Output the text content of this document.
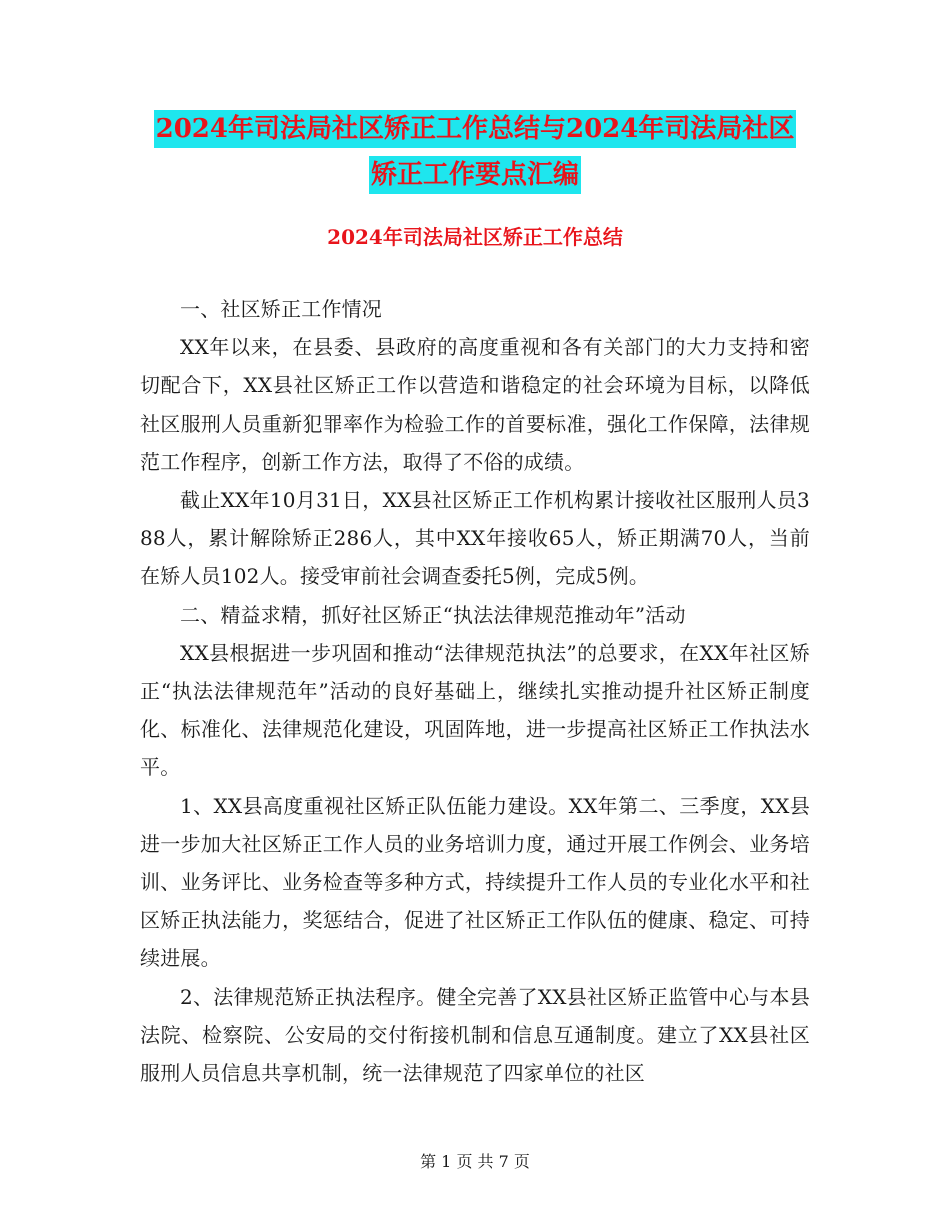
2024年司法局社区矫正工作总结与2024年司法局社区
矫正工作要点汇编

2024年司法局社区矫正工作总结

一、社区矫正工作情况

XX年以来，在县委、县政府的高度重视和各有关部门的大力支持和密切配合下，XX县社区矫正工作以营造和谐稳定的社会环境为目标，以降低社区服刑人员重新犯罪率作为检验工作的首要标准，强化工作保障，法律规范工作程序，创新工作方法，取得了不俗的成绩。

截止XX年10月31日，XX县社区矫正工作机构累计接收社区服刑人员388人，累计解除矫正286人，其中XX年接收65人，矫正期满70人，当前在矫人员102人。接受审前社会调查委托5例，完成5例。

二、精益求精，抓好社区矫正“执法法律规范推动年”活动

XX县根据进一步巩固和推动“法律规范执法”的总要求，在XX年社区矫正“执法法律规范年”活动的良好基础上，继续扎实推动提升社区矫正制度化、标准化、法律规范化建设，巩固阵地，进一步提高社区矫正工作执法水平。

1、XX县高度重视社区矫正队伍能力建设。XX年第二、三季度，XX县进一步加大社区矫正工作人员的业务培训力度，通过开展工作例会、业务培训、业务评比、业务检查等多种方式，持续提升工作人员的专业化水平和社区矫正执法能力，奖惩结合，促进了社区矫正工作队伍的健康、稳定、可持续进展。

2、法律规范矫正执法程序。健全完善了XX县社区矫正监管中心与本县法院、检察院、公安局的交付衔接机制和信息互通制度。建立了XX县社区服刑人员信息共享机制，统一法律规范了四家单位的社区

第 1 页 共 7 页
